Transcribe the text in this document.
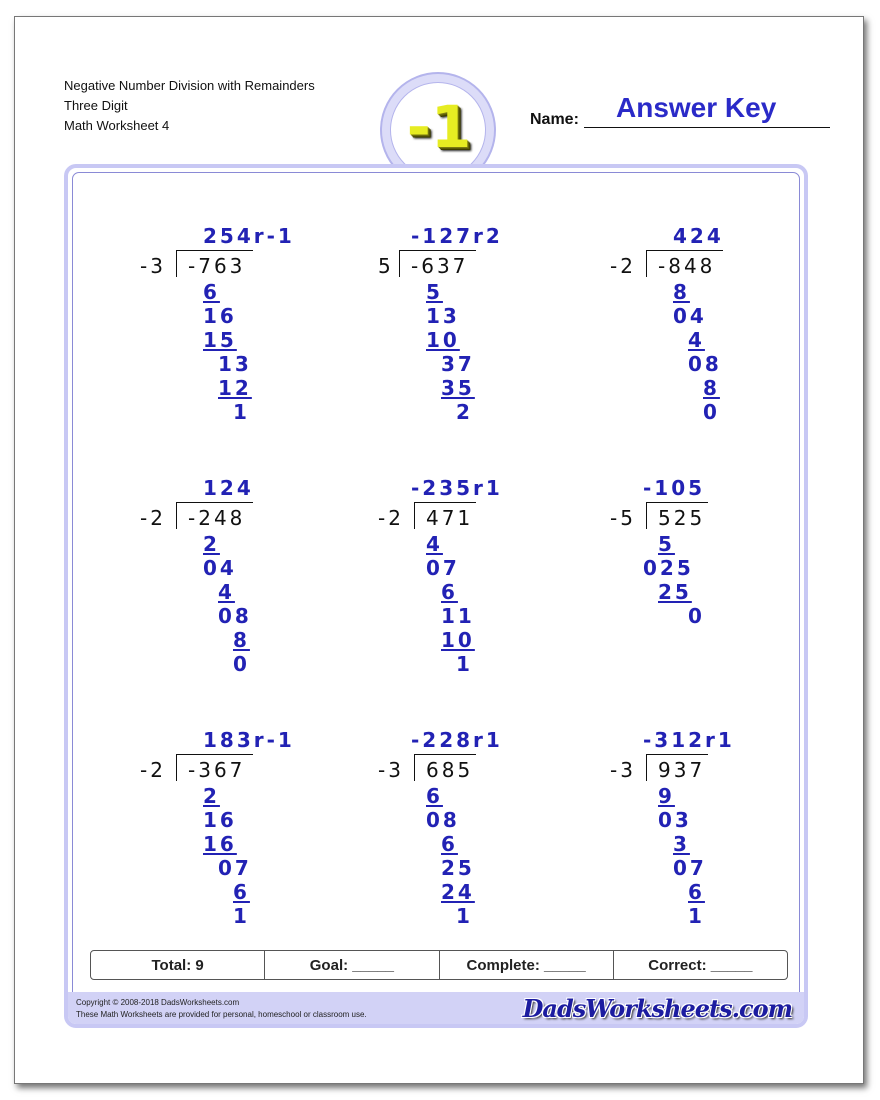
Negative Number Division with Remainders
Three Digit
Math Worksheet 4	-1	Name: Answer Key
254r-1
-3 -763
6
16
15
13
12
1
-127r2
5 -637
5
13
10
37
35
2
424
-2 -848
8
04
4
08
8
0
124
-2 -248
2
04
4
08
8
0
-235r1
-2 471
4
07
6
11
10
1
-105
-5 525
5
025
25
0
183r-1
-2 -367
2
16
16
07
6
1
-228r1
-3 685
6
08
6
25
24
1
-312r1
-3 937
9
03
3
07
6
1
Total: 9	Goal: _____	Complete: _____	Correct: _____
Copyright © 2008-2018 DadsWorksheets.com
These Math Worksheets are provided for personal, homeschool or classroom use.	DadsWorksheets.com
